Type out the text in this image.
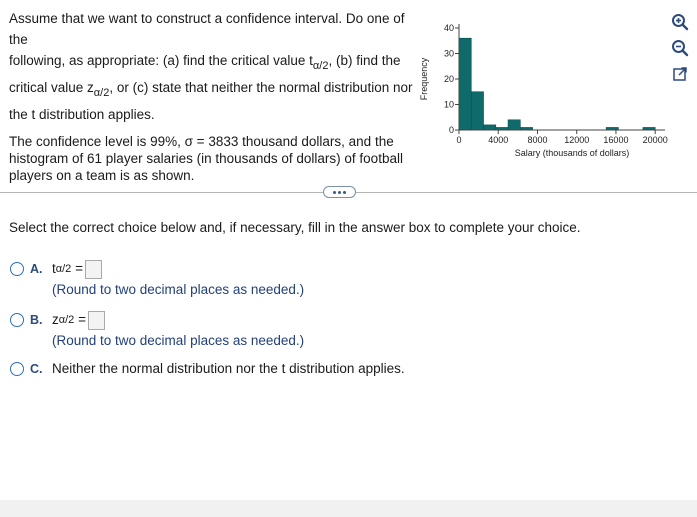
Assume that we want to construct a confidence interval. Do one of the

following, as appropriate: (a) find the critical value $t_{\alpha/2}$, (b) find the

critical value $z_{\alpha/2}$, or (c) state that neither the normal distribution nor

the t distribution applies.

The confidence level is 99%, σ = 3833 thousand dollars, and the histogram of 61 player salaries (in thousands of dollars) of football players on a team is as shown.

0
10
20
30
40
0	4000 8000 12000 16000 20000
Salary (thousands of dollars)
Frequency
Select the correct choice below and, if necessary, fill in the answer box to complete your choice.
A. t α/2
=
(Round to two decimal places as needed.)
B. z α/2
=
(Round to two decimal places as needed.)
C. Neither the normal distribution nor the t distribution applies.
